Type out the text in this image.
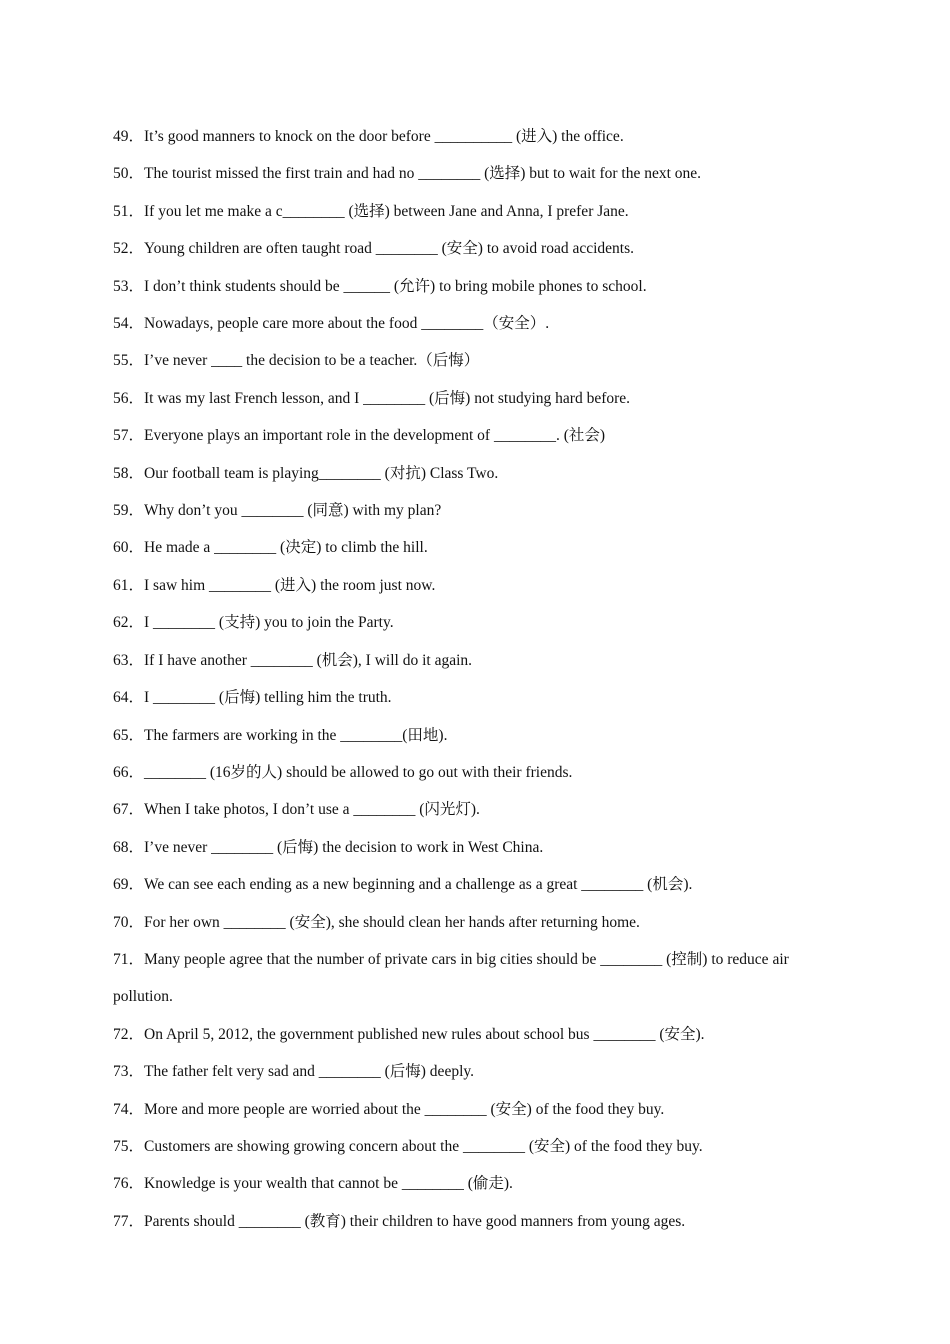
49．It’s good manners to knock on the door before __________ (进入) the office.
50．The tourist missed the first train and had no ________ (选择) but to wait for the next one.
51．If you let me make a c________ (选择) between Jane and Anna, I prefer Jane.
52．Young children are often taught road ________ (安全) to avoid road accidents.
53．I don’t think students should be ______ (允许) to bring mobile phones to school.
54．Nowadays, people care more about the food ________（安全）.
55．I’ve never ____ the decision to be a teacher.（后悔）
56．It was my last French lesson, and I ________ (后悔) not studying hard before.
57．Everyone plays an important role in the development of ________. (社会)
58．Our football team is playing________ (对抗) Class Two.
59．Why don’t you ________ (同意) with my plan?
60．He made a ________ (决定) to climb the hill.
61．I saw him ________ (进入) the room just now.
62．I ________ (支持) you to join the Party.
63．If I have another ________ (机会), I will do it again.
64．I ________ (后悔) telling him the truth.
65．The farmers are working in the ________(田地).
66．________ (16岁的人) should be allowed to go out with their friends.
67．When I take photos, I don’t use a ________ (闪光灯).
68．I’ve never ________ (后悔) the decision to work in West China.
69．We can see each ending as a new beginning and a challenge as a great ________ (机会).
70．For her own ________ (安全), she should clean her hands after returning home.
71．Many people agree that the number of private cars in big cities should be ________ (控制) to reduce air pollution.
72．On April 5, 2012, the government published new rules about school bus ________ (安全).
73．The father felt very sad and ________ (后悔) deeply.
74．More and more people are worried about the ________ (安全) of the food they buy.
75．Customers are showing growing concern about the ________ (安全) of the food they buy.
76．Knowledge is your wealth that cannot be ________ (偷走).
77．Parents should ________ (教育) their children to have good manners from young ages.
